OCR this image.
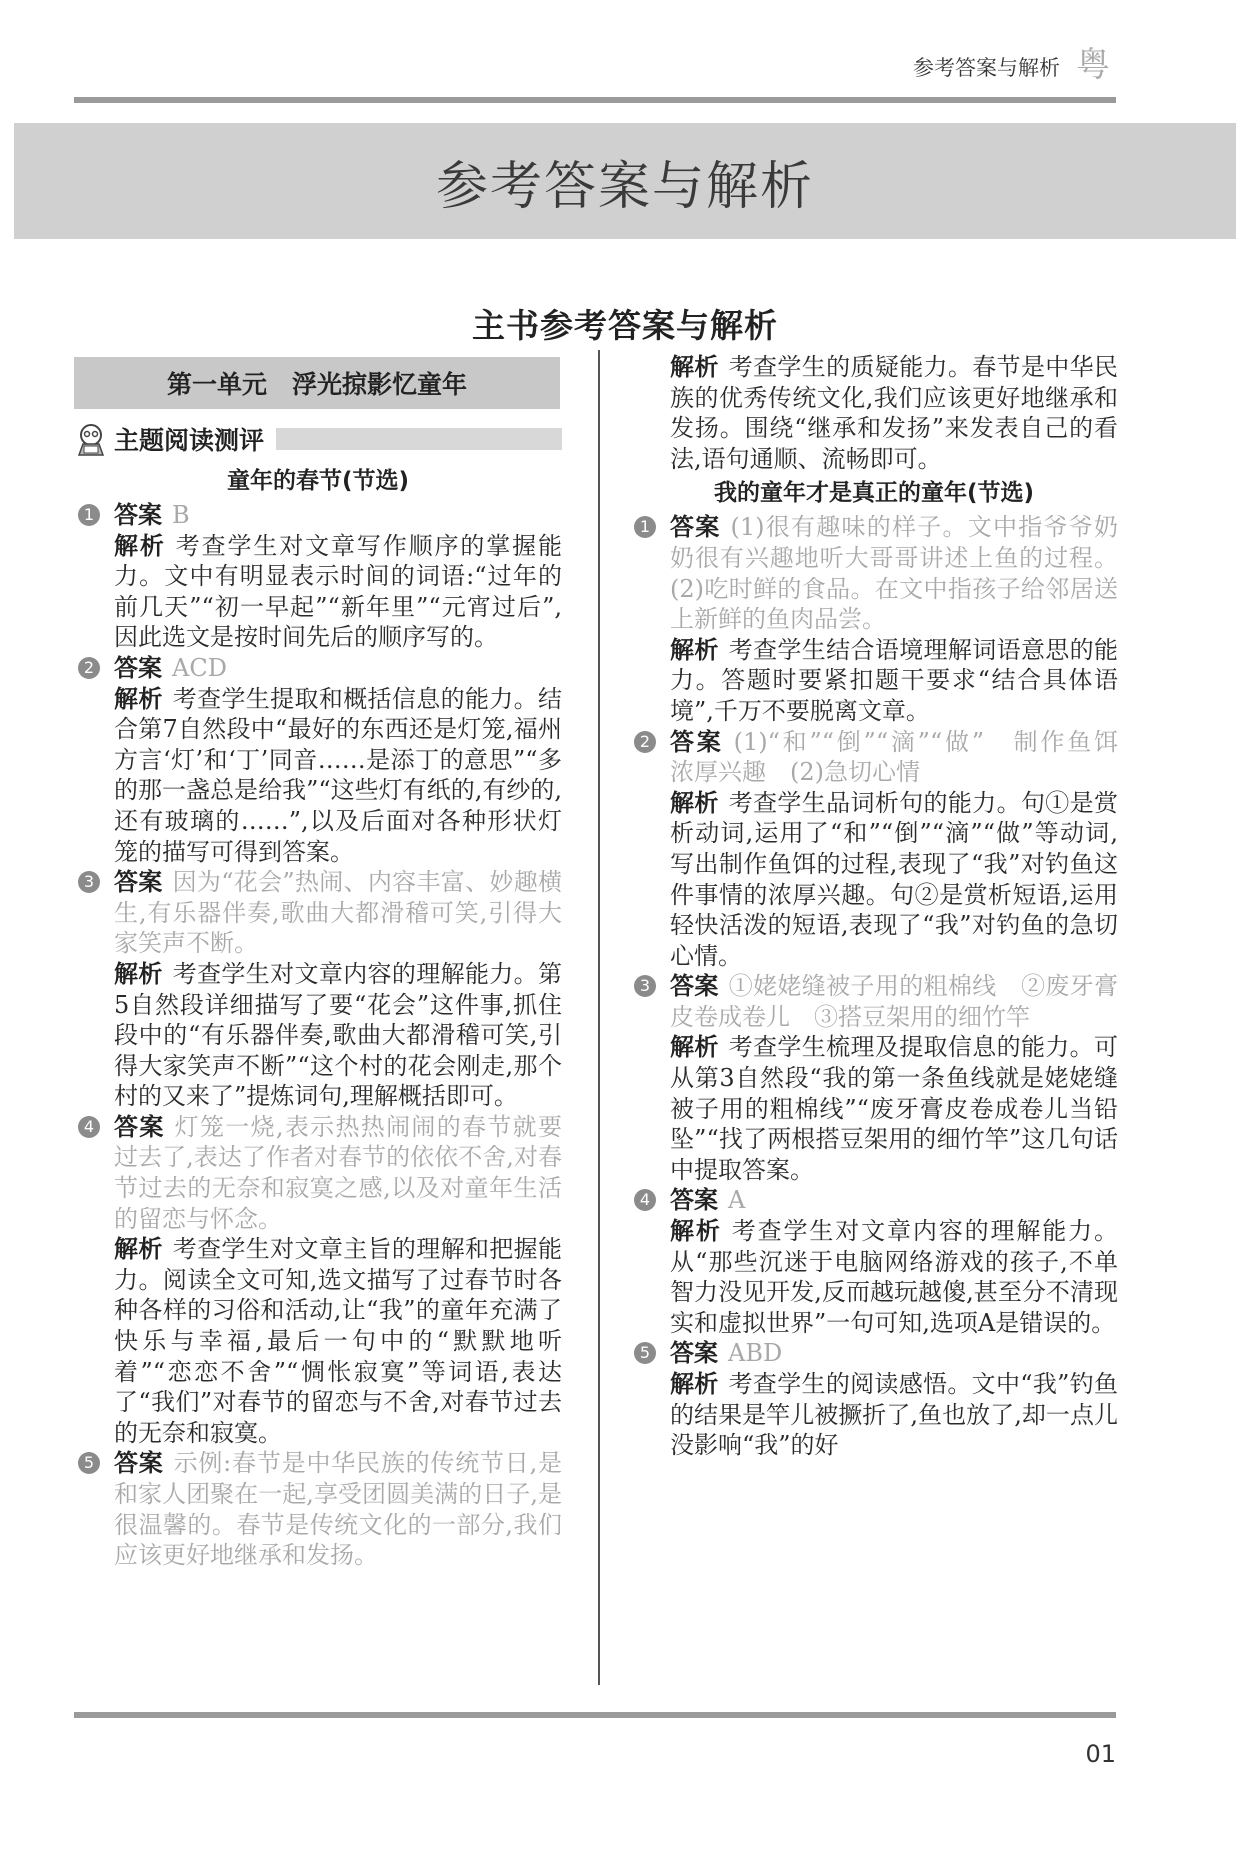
参考答案与解析 粤
参考答案与解析
主书参考答案与解析
第一单元　浮光掠影忆童年
主题阅读测评
童年的春节(节选)
1 答案 B

解析 考查学生对文章写作顺序的掌握能力。文中有明显表示时间的词语:“过年的前几天”“初一早起”“新年里”“元宵过后”,因此选文是按时间先后的顺序写的。

2 答案 ACD

解析 考查学生提取和概括信息的能力。结合第7自然段中“最好的东西还是灯笼,福州方言‘灯’和‘丁’同音……是添丁的意思”“多的那一盏总是给我”“这些灯有纸的,有纱的,还有玻璃的……”,以及后面对各种形状灯笼的描写可得到答案。

3 答案 因为“花会”热闹、内容丰富、妙趣横生,有乐器伴奏,歌曲大都滑稽可笑,引得大家笑声不断。

解析 考查学生对文章内容的理解能力。第5自然段详细描写了要“花会”这件事,抓住段中的“有乐器伴奏,歌曲大都滑稽可笑,引得大家笑声不断”“这个村的花会刚走,那个村的又来了”提炼词句,理解概括即可。

4 答案 灯笼一烧,表示热热闹闹的春节就要过去了,表达了作者对春节的依依不舍,对春节过去的无奈和寂寞之感,以及对童年生活的留恋与怀念。

解析 考查学生对文章主旨的理解和把握能力。阅读全文可知,选文描写了过春节时各种各样的习俗和活动,让“我”的童年充满了快乐与幸福,最后一句中的“默默地听着”“恋恋不舍”“惆怅寂寞”等词语,表达了“我们”对春节的留恋与不舍,对春节过去的无奈和寂寞。

5 答案 示例:春节是中华民族的传统节日,是和家人团聚在一起,享受团圆美满的日子,是很温馨的。春节是传统文化的一部分,我们应该更好地继承和发扬。

解析 考查学生的质疑能力。春节是中华民族的优秀传统文化,我们应该更好地继承和发扬。围绕“继承和发扬”来发表自己的看法,语句通顺、流畅即可。

我的童年才是真正的童年(节选)
1 答案 (1)很有趣味的样子。文中指爷爷奶奶很有兴趣地听大哥哥讲述上鱼的过程。(2)吃时鲜的食品。在文中指孩子给邻居送上新鲜的鱼肉品尝。

解析 考查学生结合语境理解词语意思的能力。答题时要紧扣题干要求“结合具体语境”,千万不要脱离文章。

2 答案 (1)“和”“倒”“滴”“做”　制作鱼饵　浓厚兴趣　(2)急切心情

解析 考查学生品词析句的能力。句①是赏析动词,运用了“和”“倒”“滴”“做”等动词,写出制作鱼饵的过程,表现了“我”对钓鱼这件事情的浓厚兴趣。句②是赏析短语,运用轻快活泼的短语,表现了“我”对钓鱼的急切心情。

3 答案 ①姥姥缝被子用的粗棉线　②废牙膏皮卷成卷儿　③搭豆架用的细竹竿

解析 考查学生梳理及提取信息的能力。可从第3自然段“我的第一条鱼线就是姥姥缝被子用的粗棉线”“废牙膏皮卷成卷儿当铅坠”“找了两根搭豆架用的细竹竿”这几句话中提取答案。

4 答案 A

解析 考查学生对文章内容的理解能力。从“那些沉迷于电脑网络游戏的孩子,不单智力没见开发,反而越玩越傻,甚至分不清现实和虚拟世界”一句可知,选项A是错误的。

5 答案 ABD

解析 考查学生的阅读感悟。文中“我”钓鱼的结果是竿儿被撅折了,鱼也放了,却一点儿没影响“我”的好

01
